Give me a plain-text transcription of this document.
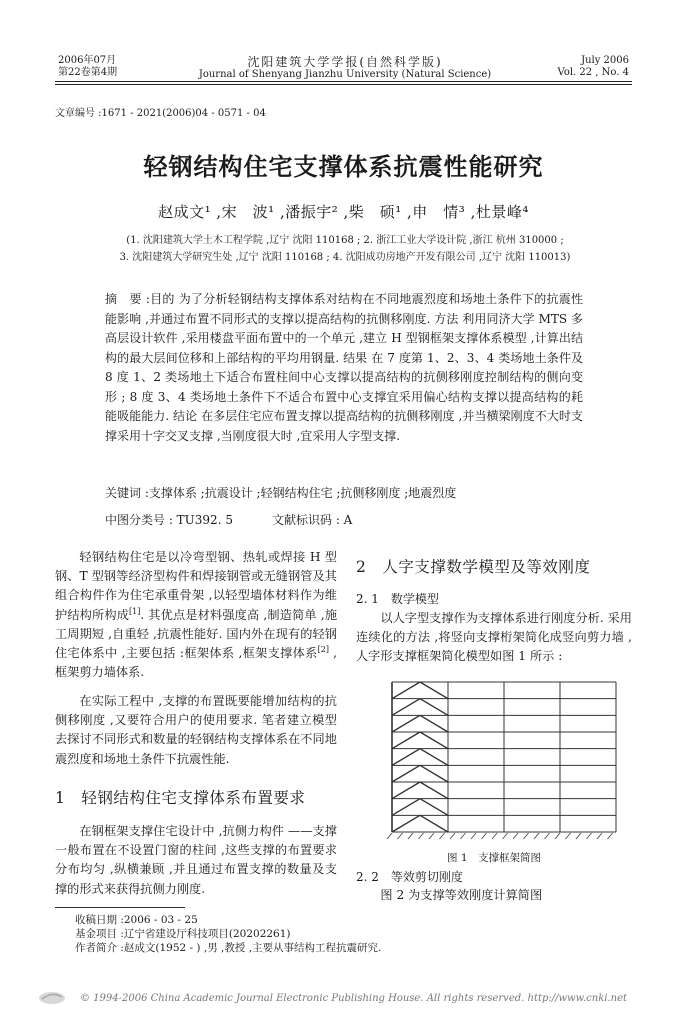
2006年07月
第22卷第4期
沈阳建筑大学学报(自然科学版)
Journal of Shenyang Jianzhu University (Natural Science)
July 2006
Vol. 22 , No. 4
文章编号 :1671 - 2021(2006)04 - 0571 - 04
轻钢结构住宅支撑体系抗震性能研究
赵成文¹ ,宋　波¹ ,潘振宇² ,柴　硕¹ ,申　情³ ,杜景峰⁴
(1. 沈阳建筑大学土木工程学院 ,辽宁 沈阳 110168 ; 2. 浙江工业大学设计院 ,浙江 杭州 310000 ;
3. 沈阳建筑大学研究生处 ,辽宁 沈阳 110168 ; 4. 沈阳成功房地产开发有限公司 ,辽宁 沈阳 110013)
摘　要 :目的 为了分析轻钢结构支撑体系对结构在不同地震烈度和场地土条件下的抗震性能影响 ,并通过布置不同形式的支撑以提高结构的抗侧移刚度. 方法 利用同济大学 MTS 多高层设计软件 ,采用楼盘平面布置中的一个单元 ,建立 H 型钢框架支撑体系模型 ,计算出结构的最大层间位移和上部结构的平均用钢量. 结果 在 7 度第 1、2、3、4 类场地土条件及 8 度 1、2 类场地土下适合布置柱间中心支撑以提高结构的抗侧移刚度控制结构的侧向变形 ; 8 度 3、4 类场地土条件下不适合布置中心支撑宜采用偏心结构支撑以提高结构的耗能吸能能力. 结论 在多层住宅应布置支撑以提高结构的抗侧移刚度 ,并当横梁刚度不大时支撑采用十字交叉支撑 ,当刚度很大时 ,宜采用人字型支撑.
关键词 :支撑体系 ;抗震设计 ;轻钢结构住宅 ;抗侧移刚度 ;地震烈度
中图分类号 : TU392. 5	文献标识码 : A

轻钢结构住宅是以冷弯型钢、热轧或焊接 H 型钢、T 型钢等经济型构件和焊接钢管或无缝钢管及其组合构件作为住宅承重骨架 ,以轻型墙体材料作为维护结构所构成[1]. 其优点是材料强度高 ,制造简单 ,施工周期短 ,自重轻 ,抗震性能好. 国内外在现有的轻钢住宅体系中 ,主要包括 :框架体系 ,框架支撑体系[2] ,框架剪力墙体系.

在实际工程中 ,支撑的布置既要能增加结构的抗侧移刚度 ,又要符合用户的使用要求. 笔者建立模型去探讨不同形式和数量的轻钢结构支撑体系在不同地震烈度和场地土条件下抗震性能.

1　轻钢结构住宅支撑体系布置要求

在钢框架支撑住宅设计中 ,抗侧力构件 ——支撑一般布置在不设置门窗的柱间 ,这些支撑的布置要求分布均匀 ,纵横兼顾 ,并且通过布置支撑的数量及支撑的形式来获得抗侧力刚度.

2　人字支撑数学模型及等效刚度
2. 1　数学模型

以人字型支撑作为支撑体系进行刚度分析. 采用连续化的方法 ,将竖向支撑桁架简化成竖向剪力墙 ,人字形支撑框架简化模型如图 1 所示 :

图 1　支撑框架简图
2. 2　等效剪切刚度

图 2 为支撑等效刚度计算简图

收稿日期 :2006 - 03 - 25
基金项目 :辽宁省建设厅科技项目(20202261)
作者简介 :赵成文(1952 - ) ,男 ,教授 ,主要从事结构工程抗震研究.
© 1994-2006 China Academic Journal Electronic Publishing House. All rights reserved. http://www.cnki.net
